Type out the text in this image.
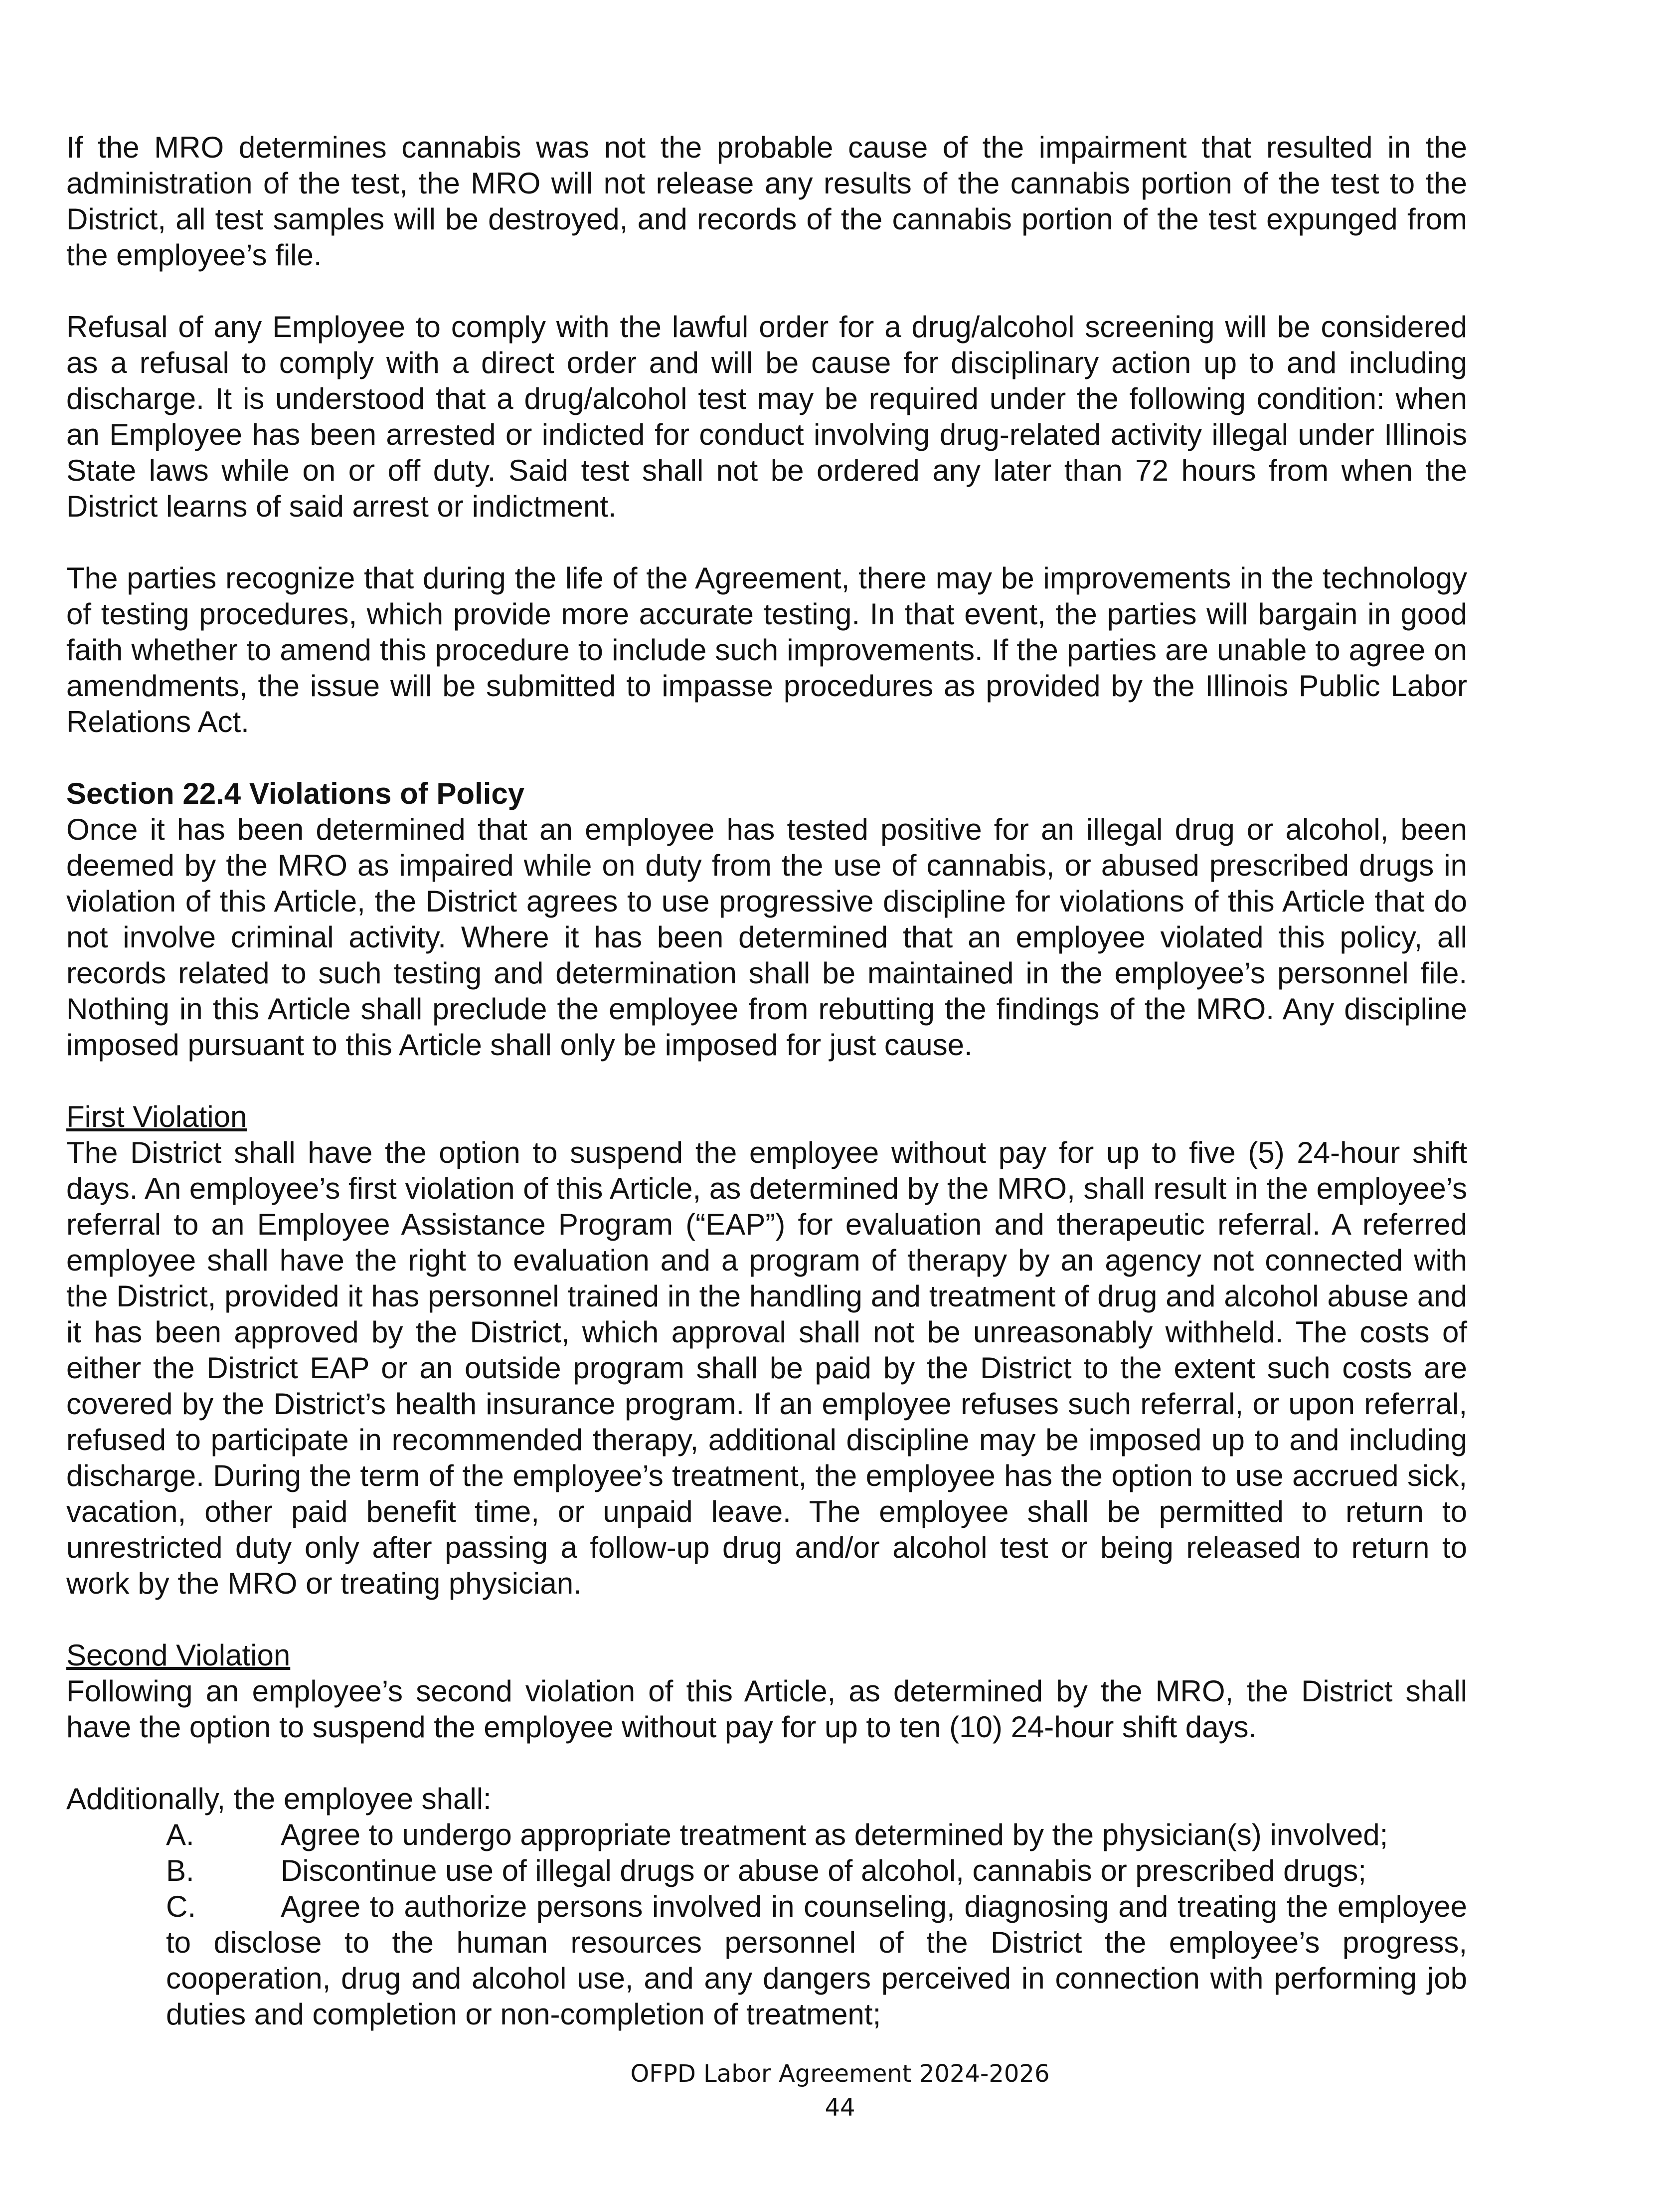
If the MRO determines cannabis was not the probable cause of the impairment that resulted in the administration of the test, the MRO will not release any results of the cannabis portion of the test to the District, all test samples will be destroyed, and records of the cannabis portion of the test expunged from the employee’s file.

Refusal of any Employee to comply with the lawful order for a drug/alcohol screening will be considered as a refusal to comply with a direct order and will be cause for disciplinary action up to and including discharge. It is understood that a drug/alcohol test may be required under the following condition: when an Employee has been arrested or indicted for conduct involving drug-related activity illegal under Illinois State laws while on or off duty. Said test shall not be ordered any later than 72 hours from when the District learns of said arrest or indictment.

The parties recognize that during the life of the Agreement, there may be improvements in the technology of testing procedures, which provide more accurate testing. In that event, the parties will bargain in good faith whether to amend this procedure to include such improvements. If the parties are unable to agree on amendments, the issue will be submitted to impasse procedures as provided by the Illinois Public Labor Relations Act.

Section 22.4 Violations of Policy

Once it has been determined that an employee has tested positive for an illegal drug or alcohol, been deemed by the MRO as impaired while on duty from the use of cannabis, or abused prescribed drugs in violation of this Article, the District agrees to use progressive discipline for violations of this Article that do not involve criminal activity. Where it has been determined that an employee violated this policy, all records related to such testing and determination shall be maintained in the employee’s personnel file. Nothing in this Article shall preclude the employee from rebutting the findings of the MRO. Any discipline imposed pursuant to this Article shall only be imposed for just cause.

First Violation

The District shall have the option to suspend the employee without pay for up to five (5) 24-hour shift days. An employee’s first violation of this Article, as determined by the MRO, shall result in the employee’s referral to an Employee Assistance Program (“EAP”) for evaluation and therapeutic referral. A referred employee shall have the right to evaluation and a program of therapy by an agency not connected with the District, provided it has personnel trained in the handling and treatment of drug and alcohol abuse and it has been approved by the District, which approval shall not be unreasonably withheld. The costs of either the District EAP or an outside program shall be paid by the District to the extent such costs are covered by the District’s health insurance program. If an employee refuses such referral, or upon referral, refused to participate in recommended therapy, additional discipline may be imposed up to and including discharge. During the term of the employee’s treatment, the employee has the option to use accrued sick, vacation, other paid benefit time, or unpaid leave. The employee shall be permitted to return to unrestricted duty only after passing a follow-up drug and/or alcohol test or being released to return to work by the MRO or treating physician.

Second Violation

Following an employee’s second violation of this Article, as determined by the MRO, the District shall have the option to suspend the employee without pay for up to ten (10) 24-hour shift days.

Additionally, the employee shall:

A.	Agree to undergo appropriate treatment as determined by the physician(s) involved;
B.	Discontinue use of illegal drugs or abuse of alcohol, cannabis or prescribed drugs;
C.	Agree to authorize persons involved in counseling, diagnosing and treating the employee to disclose to the human resources personnel of the District the employee’s progress, cooperation, drug and alcohol use, and any dangers perceived in connection with performing job duties and completion or non-completion of treatment;
OFPD Labor Agreement 2024-2026
44
